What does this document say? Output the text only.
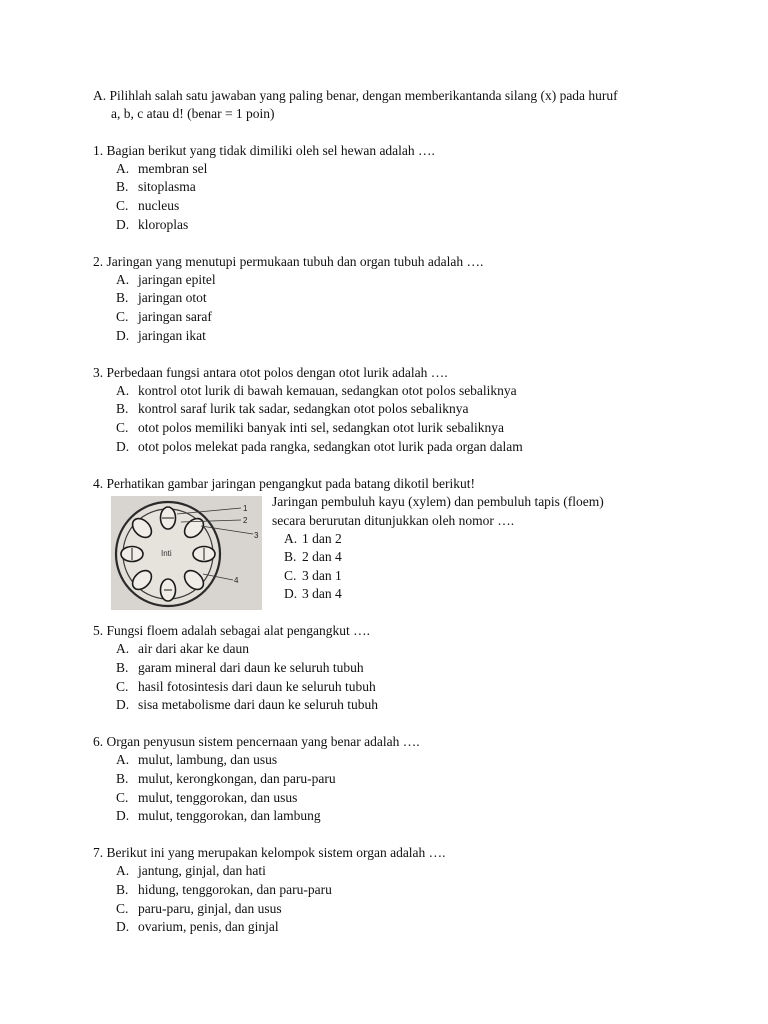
A. Pilihlah salah satu jawaban yang paling benar, dengan memberikantanda silang (x) pada huruf
a, b, c atau d! (benar = 1 poin)
1. Bagian berikut yang tidak dimiliki oleh sel hewan adalah ….
A. membran sel
B. sitoplasma
C. nucleus
D. kloroplas
2. Jaringan yang menutupi permukaan tubuh dan organ tubuh adalah ….
A. jaringan epitel
B. jaringan otot
C. jaringan saraf
D. jaringan ikat
3. Perbedaan fungsi antara otot polos dengan otot lurik adalah ….
A. kontrol otot lurik di bawah kemauan, sedangkan otot polos sebaliknya
B. kontrol saraf lurik tak sadar, sedangkan otot polos sebaliknya
C. otot polos memiliki banyak inti sel, sedangkan otot lurik sebaliknya
D. otot polos melekat pada rangka, sedangkan otot lurik pada organ dalam
4. Perhatikan gambar jaringan pengangkut pada batang dikotil berikut!
Jaringan pembuluh kayu (xylem) dan pembuluh tapis (floem)
secara berurutan ditunjukkan oleh nomor ….
A. 1 dan 2
B. 2 dan 4
C. 3 dan 1
D. 3 dan 4
Inti
1
2
3
4
5. Fungsi floem adalah sebagai alat pengangkut ….
A. air dari akar ke daun
B. garam mineral dari daun ke seluruh tubuh
C. hasil fotosintesis dari daun ke seluruh tubuh
D. sisa metabolisme dari daun ke seluruh tubuh
6. Organ penyusun sistem pencernaan yang benar adalah ….
A. mulut, lambung, dan usus
B. mulut, kerongkongan, dan paru-paru
C. mulut, tenggorokan, dan usus
D. mulut, tenggorokan, dan lambung
7. Berikut ini yang merupakan kelompok sistem organ adalah ….
A. jantung, ginjal, dan hati
B. hidung, tenggorokan, dan paru-paru
C. paru-paru, ginjal, dan usus
D. ovarium, penis, dan ginjal
